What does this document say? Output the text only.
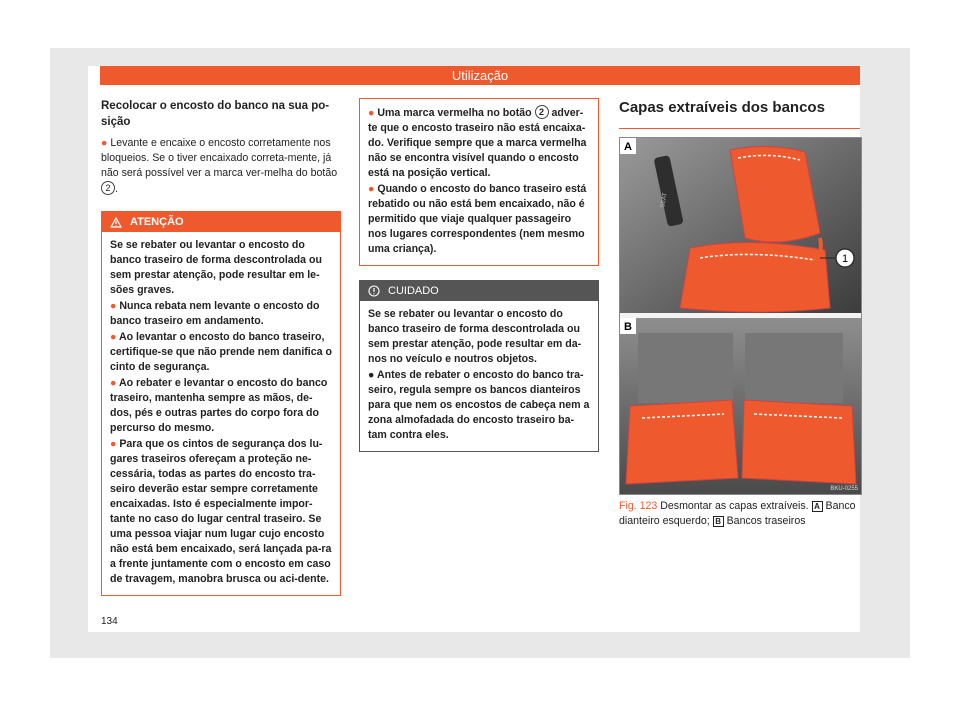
Utilização
Recolocar o encosto do banco na sua po-sição

● Levante e encaixe o encosto corretamente nos bloqueios. Se o tiver encaixado correta-mente, já não será possível ver a marca ver-melha do botão 2 .

ATENÇÃO

Se se rebater ou levantar o encosto do banco traseiro de forma descontrolada ou sem prestar atenção, pode resultar em le-sões graves.

● Nunca rebata nem levante o encosto do banco traseiro em andamento.

● Ao levantar o encosto do banco traseiro, certifique-se que não prende nem danifica o cinto de segurança.

● Ao rebater e levantar o encosto do banco traseiro, mantenha sempre as mãos, de-dos, pés e outras partes do corpo fora do percurso do mesmo.

● Para que os cintos de segurança dos lu-gares traseiros ofereçam a proteção ne-cessária, todas as partes do encosto tra-seiro deverão estar sempre corretamente encaixadas. Isto é especialmente impor-tante no caso do lugar central traseiro. Se uma pessoa viajar num lugar cujo encosto não está bem encaixado, será lançada pa-ra a frente juntamente com o encosto em caso de travagem, manobra brusca ou aci-dente.

● Uma marca vermelha no botão 2 adver-te que o encosto traseiro não está encaixa-do. Verifique sempre que a marca vermelha não se encontra visível quando o encosto está na posição vertical.

● Quando o encosto do banco traseiro está rebatido ou não está bem encaixado, não é permitido que viaje qualquer passageiro nos lugares correspondentes (nem mesmo uma criança).

CUIDADO

Se se rebater ou levantar o encosto do banco traseiro de forma descontrolada ou sem prestar atenção, pode resultar em da-nos no veículo e noutros objetos.

● Antes de rebater o encosto do banco tra-seiro, regula sempre os bancos dianteiros para que nem os encostos de cabeça nem a zona almofadada do encosto traseiro ba-tam contra eles.

Capas extraíveis dos bancos
SEAT
1
A
B
BKU-0255
Fig. 123 Desmontar as capas extraíveis. A Banco dianteiro esquerdo; B Bancos traseiros
134
